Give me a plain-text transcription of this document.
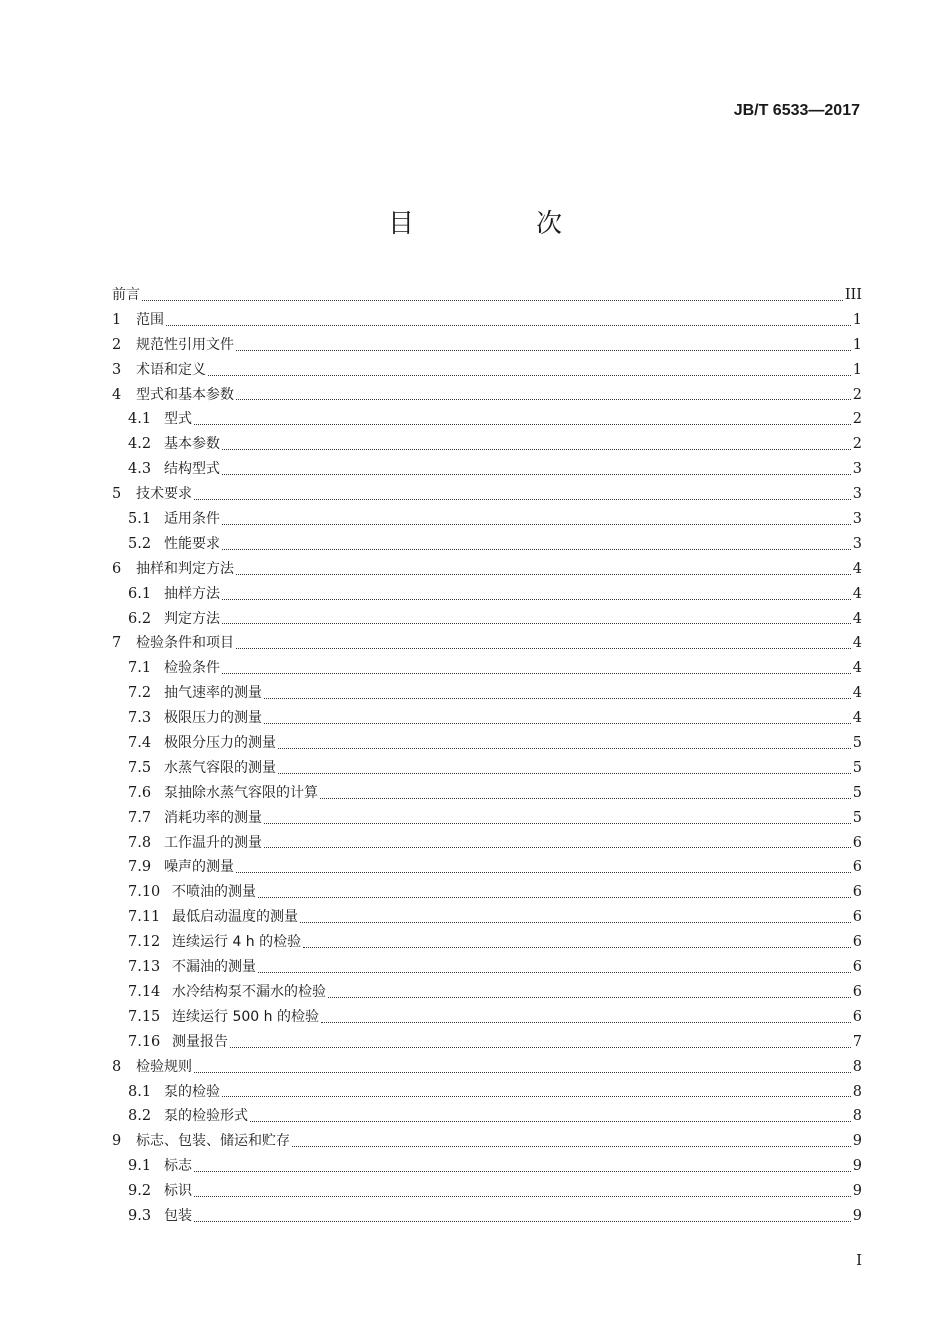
JB/T 6533—2017
目　次
前言	III
1	范围	1
2	规范性引用文件	1
3	术语和定义	1
4	型式和基本参数	2
4.1 型式	2
4.2 基本参数	2
4.3 结构型式	3
5	技术要求	3
5.1 适用条件	3
5.2 性能要求	3
6	抽样和判定方法	4
6.1 抽样方法	4
6.2 判定方法	4
7	检验条件和项目	4
7.1 检验条件	4
7.2 抽气速率的测量	4
7.3 极限压力的测量	4
7.4 极限分压力的测量	5
7.5 水蒸气容限的测量	5
7.6 泵抽除水蒸气容限的计算	5
7.7 消耗功率的测量	5
7.8 工作温升的测量	6
7.9 噪声的测量	6
7.10 不喷油的测量	6
7.11 最低启动温度的测量	6
7.12 连续运行 4 h 的检验	6
7.13 不漏油的测量	6
7.14 水冷结构泵不漏水的检验	6
7.15 连续运行 500 h 的检验	6
7.16 测量报告	7
8	检验规则	8
8.1 泵的检验	8
8.2 泵的检验形式	8
9	标志、包装、储运和贮存	9
9.1 标志	9
9.2 标识	9
9.3 包装	9
I
